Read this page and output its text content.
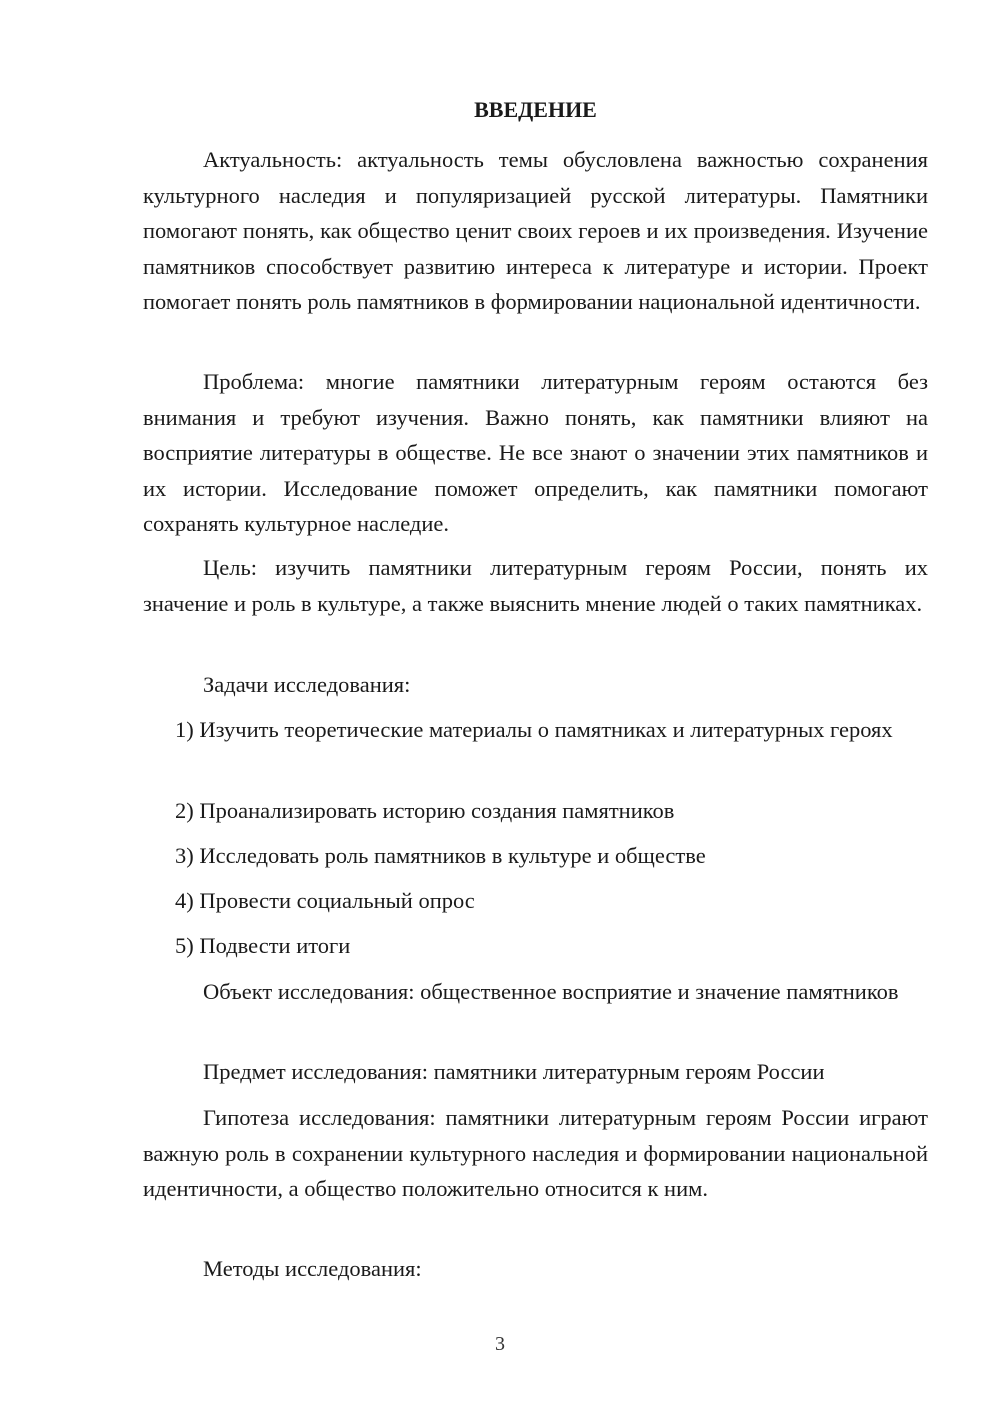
ВВЕДЕНИЕ

Актуальность: актуальность темы обусловлена важностью сохранения культурного наследия и популяризацией русской литературы. Памятники помогают понять, как общество ценит своих героев и их произведения. Изучение памятников способствует развитию интереса к литературе и истории. Проект помогает понять роль памятников в формировании национальной идентичности.

Проблема: многие памятники литературным героям остаются без внимания и требуют изучения. Важно понять, как памятники влияют на восприятие литературы в обществе. Не все знают о значении этих памятников и их истории. Исследование поможет определить, как памятники помогают сохранять культурное наследие.

Цель: изучить памятники литературным героям России, понять их значение и роль в культуре, а также выяснить мнение людей о таких памятниках.

Задачи исследования:

1) Изучить теоретические материалы о памятниках и литературных героях

2) Проанализировать историю создания памятников

3) Исследовать роль памятников в культуре и обществе

4) Провести социальный опрос

5) Подвести итоги

Объект исследования: общественное восприятие и значение памятников

Предмет исследования: памятники литературным героям России

Гипотеза исследования: памятники литературным героям России играют важную роль в сохранении культурного наследия и формировании национальной идентичности, а общество положительно относится к ним.

Методы исследования:

3
